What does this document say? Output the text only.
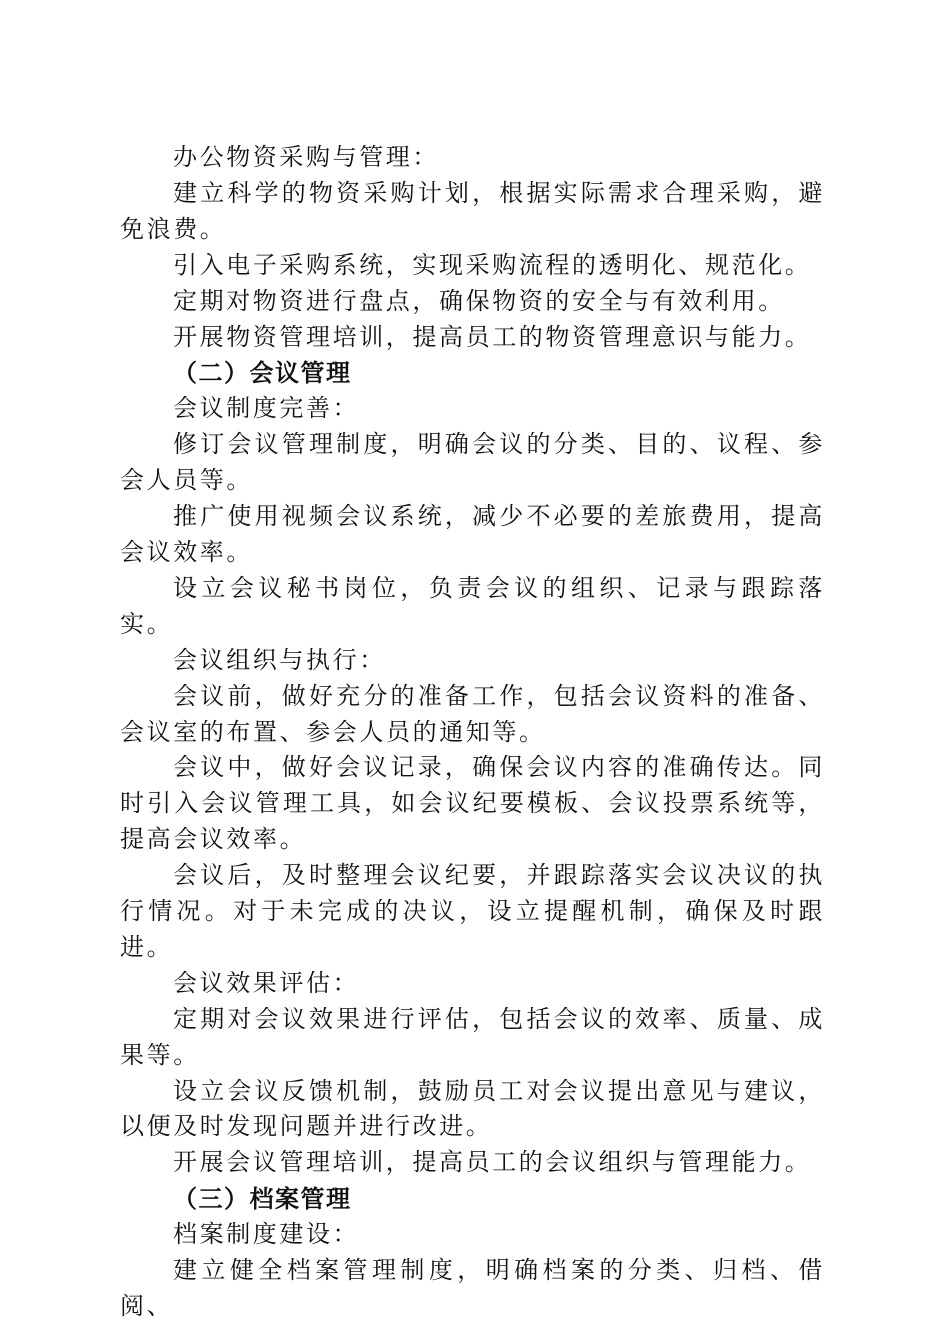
办公物资采购与管理：

建立科学的物资采购计划，根据实际需求合理采购，避免浪费。

引入电子采购系统，实现采购流程的透明化、规范化。

定期对物资进行盘点，确保物资的安全与有效利用。

开展物资管理培训，提高员工的物资管理意识与能力。

（二）会议管理

会议制度完善：

修订会议管理制度，明确会议的分类、目的、议程、参会人员等。

推广使用视频会议系统，减少不必要的差旅费用，提高会议效率。

设立会议秘书岗位，负责会议的组织、记录与跟踪落实。

会议组织与执行：

会议前，做好充分的准备工作，包括会议资料的准备、会议室的布置、参会人员的通知等。

会议中，做好会议记录，确保会议内容的准确传达。同时引入会议管理工具，如会议纪要模板、会议投票系统等，提高会议效率。

会议后，及时整理会议纪要，并跟踪落实会议决议的执行情况。对于未完成的决议，设立提醒机制，确保及时跟进。

会议效果评估：

定期对会议效果进行评估，包括会议的效率、质量、成果等。

设立会议反馈机制，鼓励员工对会议提出意见与建议，以便及时发现问题并进行改进。

开展会议管理培训，提高员工的会议组织与管理能力。

（三）档案管理

档案制度建设：

建立健全档案管理制度，明确档案的分类、归档、借阅、
